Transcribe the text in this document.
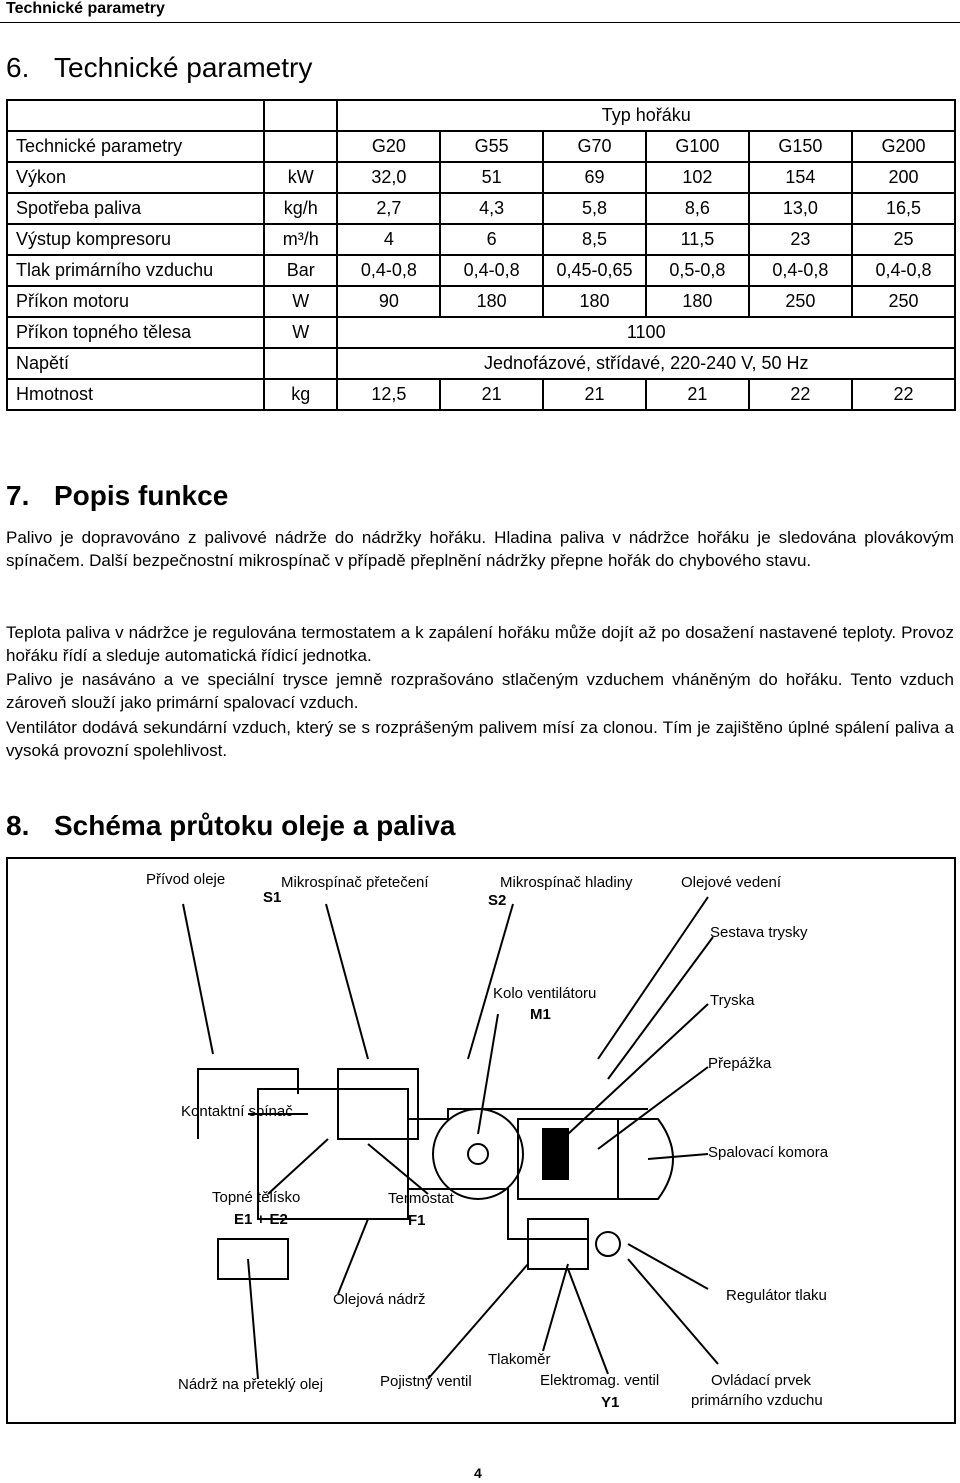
Technické parametry
6. Technické parametry
		Typ hořáku					
Technické parametry		G20	G55	G70	G100	G150	G200
Výkon	kW	32,0	51	69	102	154	200
Spotřeba paliva	kg/h	2,7	4,3	5,8	8,6	13,0	16,5
Výstup kompresoru	m³/h	4	6	8,5	11,5	23	25
Tlak primárního vzduchu	Bar	0,4-0,8	0,4-0,8	0,45-0,65	0,5-0,8	0,4-0,8	0,4-0,8
Příkon motoru	W	90	180	180	180	250	250
Příkon topného tělesa	W	1100					
Napětí		Jednofázové, střídavé, 220-240 V, 50 Hz					
Hmotnost	kg	12,5	21	21	21	22	22
7. Popis funkce

Palivo je dopravováno z palivové nádrže do nádržky hořáku. Hladina paliva v nádržce hořáku je sledována plovákovým spínačem. Další bezpečnostní mikrospínač v případě přeplnění nádržky přepne hořák do chybového stavu.

Teplota paliva v nádržce je regulována termostatem a k zapálení hořáku může dojít až po dosažení nastavené teploty. Provoz hořáku řídí a sleduje automatická řídicí jednotka.

Palivo je nasáváno a ve speciální trysce jemně rozprašováno stlačeným vzduchem vháněným do hořáku. Tento vzduch zároveň slouží jako primární spalovací vzduch.

Ventilátor dodává sekundární vzduch, který se s rozprášeným palivem mísí za clonou. Tím je zajištěno úplné spálení paliva a vysoká provozní spolehlivost.

8. Schéma průtoku oleje a paliva
Přívod oleje
S1
Mikrospínač přetečení	Mikrospínač hladiny
S2
Olejové vedení
Sestava trysky
Kolo ventilátoru
M1
Tryska
Přepážka
Kontaktní spínač
Spalovací komora
Topné tělísko
E1 + E2
Termostat
F1
Olejová nádrž	Regulátor tlaku
Tlakoměr
Nádrž na přeteklý olej	Pojistný ventil	Elektromag. ventil
Y1
Ovládací prvek
primárního vzduchu
4
